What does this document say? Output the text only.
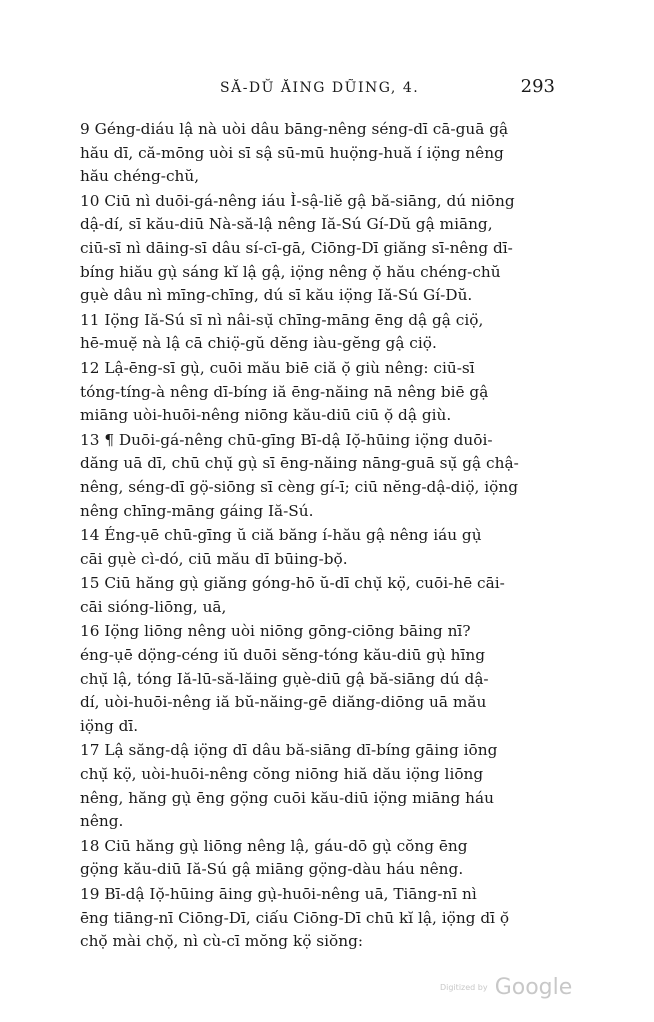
SĂ-DŬ ĂING DŨING, 4.	293
9 Géng-diáu lậ nà uòi dâu bāng-nêng séng-dī cā-guā gậ
hău dī, că-mōng uòi sī sậ sū-mū huọ̈ng-huă í iọ̈ng nêng
hău chéng-chŭ,
10 Ciū nì duōi-gá-nêng iáu Ì-sậ-liĕ gậ bă-siāng, dú niōng
dậ-dí, sī kău-diū Nà-să-lậ nêng Iă-Sú Gí-Dŭ gậ miāng,
ciū-sī nì dāing-sī dâu sí-cī-gā, Ciōng-Dī giăng sī-nêng dī-
bíng hiău gụ̀ sáng kĭ lậ gậ, iọ̈ng nêng ọ̆ hău chéng-chŭ
gụè dâu nì mīng-chīng, dú sī kău iọ̈ng Iă-Sú Gí-Dŭ.
11 Iọ̈ng Iă-Sú sī nì nâi-sụ̆ chīng-māng ēng dậ gậ ciọ̈,
hē-muẹ̆ nà lậ cā chiọ̈-gŭ dĕng iàu-gĕng gậ ciọ̈.
12 Lậ-ēng-sī gụ̀, cuōi mău biē ciă ọ̆ giù nêng: ciū-sī
tóng-tíng-à nêng dī-bíng iă ēng-năing nā nêng biē gậ
miāng uòi-huōi-nêng niōng kău-diū ciū ọ̆ dậ giù.
13 ¶ Duōi-gá-nêng chū-gīng Bī-dậ Iọ̆-hūing iọ̈ng duōi-
dăng uā dī, chū chụ̆ gụ̀ sī ēng-năing nāng-guā sụ̆ gậ chậ-
nêng, séng-dī gọ̈-siōng sī cèng gí-ī; ciū nĕng-dậ-diọ̈, iọ̈ng
nêng chīng-māng gáing Iă-Sú.
14 Éng-ụē chū-gīng ŭ ciă băng í-hău gậ nêng iáu gụ̀
cāi gụè cì-dó, ciū mău dī būing-bọ̆.
15 Ciū hăng gụ̀ giăng góng-hō ŭ-dī chụ̆ kọ̈, cuōi-hē cāi-
cāi sióng-liōng, uā,
16 Iọ̈ng liōng nêng uòi niōng gōng-ciōng bāing nī?
éng-ụē dọ̈ng-céng iŭ duōi sĕng-tóng kău-diū gụ̀ hīng
chụ̆ lậ, tóng Iă-lū-să-lăing gụè-diū gậ bă-siāng dú dậ-
dí, uòi-huōi-nêng iă bŭ-năing-gē diăng-diōng uā mău
iọ̈ng dī.
17 Lậ săng-dậ iọ̈ng dī dâu bă-siāng dī-bíng gāing iōng
chụ̆ kọ̈, uòi-huōi-nêng cŏng niōng hiă dău iọ̈ng liōng
nêng, hăng gụ̀ ēng gọ̈ng cuōi kău-diū iọ̈ng miāng háu
nêng.
18 Ciū hăng gụ̀ liōng nêng lậ, gáu-dō gụ̀ cŏng ēng
gọ̈ng kău-diū Iă-Sú gậ miāng gọ̈ng-dàu háu nêng.
19 Bī-dậ Iọ̆-hūing āing gụ̀-huōi-nêng uā, Tiāng-nī nì
ēng tiāng-nī Ciōng-Dī, ciấu Ciōng-Dī chū kĭ lậ, iọ̈ng dī ọ̆
chọ̆ mài chọ̆, nì cù-cī mŏng kọ̈ siŏng:
Digitized by Google
